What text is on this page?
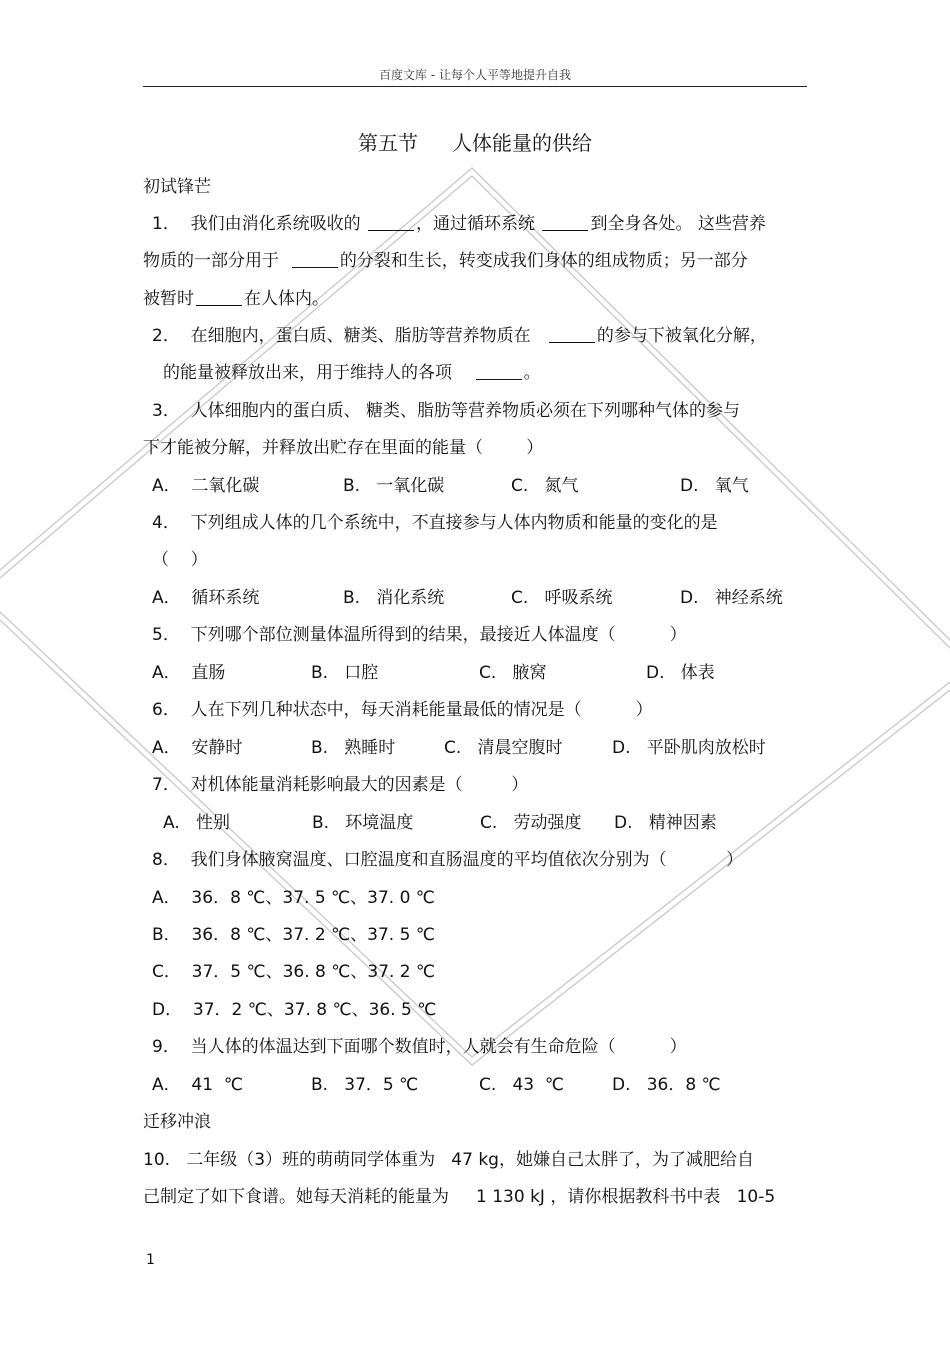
百度文库 - 让每个人平等地提升自我
第五节 人体能量的供给
初试锋芒
1． 我们由消化系统吸收的	，通过循环系统	到全身各处。 这些营养
物质的一部分用于	的分裂和生长，转变成我们身体的组成物质；另一部分
被暂时	在人体内。
2． 在细胞内，蛋白质、糖类、脂肪等营养物质在	的参与下被氧化分解，
的能量被释放出来，用于维持人的各项	。
3． 人体细胞内的蛋白质、 糖类、脂肪等营养物质必须在下列哪种气体的参与
下才能被分解，并释放出贮存在里面的能量（        ）
A．  二氧化碳	B.   一氧化碳	C.   氮气	D.   氧气
4． 下列组成人体的几个系统中，不直接参与人体内物质和能量的变化的是
（    ）
A．  循环系统	B.   消化系统	C.   呼吸系统	D.   神经系统
5． 下列哪个部位测量体温所得到的结果，最接近人体温度（          ）
A．  直肠	B.   口腔	C.   腋窝	D.   体表
6． 人在下列几种状态中，每天消耗能量最低的情况是（          ）
A．  安静时	B.   熟睡时	C.   清晨空腹时	D.   平卧肌肉放松时
7． 对机体能量消耗影响最大的因素是（         ）
A.   性别	B.   环境温度	C.   劳动强度 D.   精神因素
8． 我们身体腋窝温度、口腔温度和直肠温度的平均值依次分别为（           ）
A．  36．8 ℃、37. 5 ℃、37. 0 ℃
B．  36．8 ℃、37. 2 ℃、37. 5 ℃
C．  37．5 ℃、36. 8 ℃、37. 2 ℃
D．  37．2 ℃、37. 8 ℃、36. 5 ℃
9． 当人体的体温达到下面哪个数值时，人就会有生命危险（          ）
A．  41  ℃	B.   37．5 ℃	C.   43  ℃	D.   36．8 ℃
迁移冲浪
10. 二年级（3）班的萌萌同学体重为   47 kg，她嫌自己太胖了，为了减肥给自
己制定了如下食谱。她每天消耗的能量为     1 130 kJ ，请你根据教科书中表   10-5
1
